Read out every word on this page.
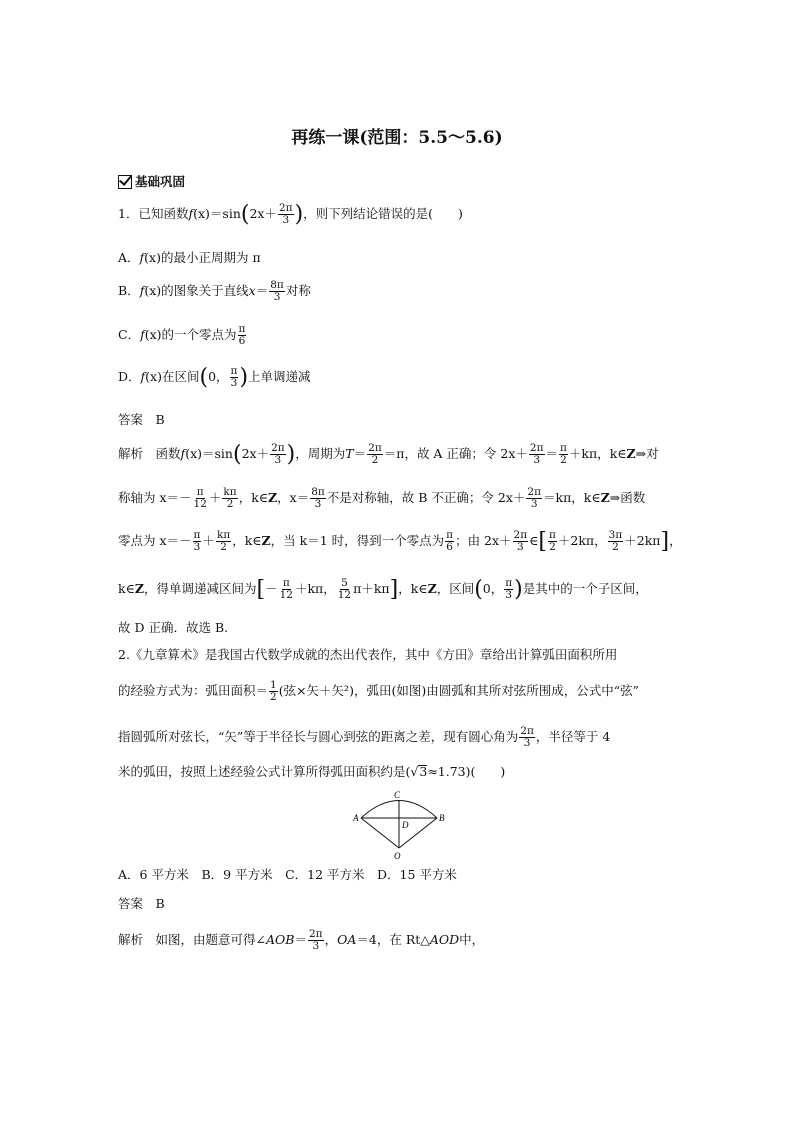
再练一课(范围：5.5～5.6)
基础巩固
1．已知函数 f (x) ＝sin ( $2x+ \frac{2\pi}{3}$ ) ，则下列结论错误的是(　　)
A． f (x) 的最小正周期为 π
B． f (x) 的图象关于直线 $x = \frac{8\pi}{3}$ 对称
C． f (x) 的一个零点为 $\frac{\pi}{6}$
D． f (x) 在区间 ( 0， $\frac{\pi}{3}$ ) 上单调递减
答案　 B
解析
　 函数 f (x) ＝sin ( $2x+ \frac{2\pi}{3}$ ) ，周期为 $T = \frac{2\pi}{2} =\pi$，故 A 正确；令 $2x+ \frac{2\pi}{3} = \frac{\pi}{2} +k\pi$，k∈ Z ⇒对
称轴为 $x=- \frac{\pi}{12} + \frac{k\pi}{2}$ ，k∈ Z ，$x= \frac{8\pi}{3}$ 不是对称轴，故 B 不正确；令 $2x+ \frac{2\pi}{3} =k\pi$，k∈ Z ⇒函数
零点为 $x=- \frac{\pi}{3} + \frac{k\pi}{2}$ ，k∈ Z ，当 k＝1 时，得到一个零点为 $\frac{\pi}{6}$ ；由 $2x+ \frac{2\pi}{3}$ ∈ [ $\frac{\pi}{2} +2k\pi$， $\frac{3\pi}{2} +2k\pi$ ] ，
k∈ Z ，得单调递减区间为 [ － $\frac{\pi}{12} +k\pi$， $\frac{5}{12} \pi+k\pi$ ] ，k∈ Z ，区间 ( 0， $\frac{\pi}{3}$ ) 是其中的一个子区间，
故 D 正确．故选 B.
2.《九章算术》是我国古代数学成就的杰出代表作，其中《方田》章给出计算弧田面积所用
的经验方式为：弧田面积＝ $\frac{1}{2}$ (弦×矢＋矢²)，弧田(如图)由圆弧和其所对弦所围成，公式中“弦”
指圆弧所对弦长，“矢”等于半径长与圆心到弦的距离之差，现有圆心角为 $\frac{2\pi}{3}$ ，半径等于 4
米的弧田，按照上述经验公式计算所得弧田面积约是( √ 3 ≈1.73)(　　)
C
A
D
B
O
A．6 平方米　B．9 平方米　C．12 平方米　D．15 平方米
答案　 B
解析
　 如图，由题意可得∠ AOB ＝ $\frac{2\pi}{3}$ ， OA ＝4，在 Rt△ AOD 中，
